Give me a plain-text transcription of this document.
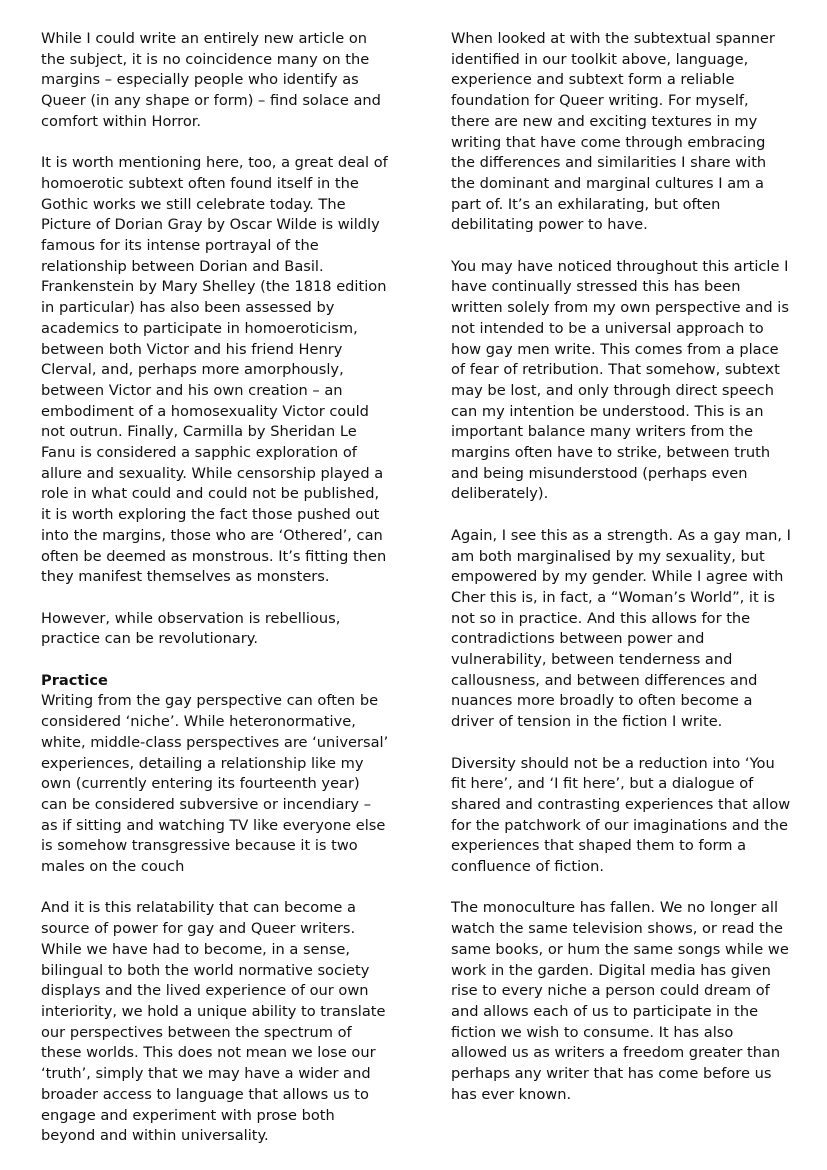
While I could write an entirely new article on the subject, it is no coincidence many on the margins – especially people who identify as Queer (in any shape or form) – find solace and comfort within Horror.

It is worth mentioning here, too, a great deal of homoerotic subtext often found itself in the Gothic works we still celebrate today. The Picture of Dorian Gray by Oscar Wilde is wildly famous for its intense portrayal of the relationship between Dorian and Basil. Frankenstein by Mary Shelley (the 1818 edition in particular) has also been assessed by academics to participate in homoeroticism, between both Victor and his friend Henry Clerval, and, perhaps more amorphously, between Victor and his own creation – an embodiment of a homosexuality Victor could not outrun. Finally, Carmilla by Sheridan Le Fanu is considered a sapphic exploration of allure and sexuality. While censorship played a role in what could and could not be published, it is worth exploring the fact those pushed out into the margins, those who are ‘Othered’, can often be deemed as monstrous. It’s fitting then they manifest themselves as monsters.

However, while observation is rebellious, practice can be revolutionary.

Practice

Writing from the gay perspective can often be considered ‘niche’. While heteronormative, white, middle-class perspectives are ‘universal’ experiences, detailing a relationship like my own (currently entering its fourteenth year) can be considered subversive or incendiary – as if sitting and watching TV like everyone else is somehow transgressive because it is two males on the couch

And it is this relatability that can become a source of power for gay and Queer writers. While we have had to become, in a sense, bilingual to both the world normative society displays and the lived experience of our own interiority, we hold a unique ability to translate our perspectives between the spectrum of these worlds. This does not mean we lose our ‘truth’, simply that we may have a wider and broader access to language that allows us to engage and experiment with prose both beyond and within universality.

When looked at with the subtextual spanner identified in our toolkit above, language, experience and subtext form a reliable foundation for Queer writing. For myself, there are new and exciting textures in my writing that have come through embracing the differences and similarities I share with the dominant and marginal cultures I am a part of. It’s an exhilarating, but often debilitating power to have.

You may have noticed throughout this article I have continually stressed this has been written solely from my own perspective and is not intended to be a universal approach to how gay men write. This comes from a place of fear of retribution. That somehow, subtext may be lost, and only through direct speech can my intention be understood. This is an important balance many writers from the margins often have to strike, between truth and being misunderstood (perhaps even deliberately).

Again, I see this as a strength. As a gay man, I am both marginalised by my sexuality, but empowered by my gender. While I agree with Cher this is, in fact, a “Woman’s World”, it is not so in practice. And this allows for the contradictions between power and vulnerability, between tenderness and callousness, and between differences and nuances more broadly to often become a driver of tension in the fiction I write.

Diversity should not be a reduction into ‘You fit here’, and ‘I fit here’, but a dialogue of shared and contrasting experiences that allow for the patchwork of our imaginations and the experiences that shaped them to form a confluence of fiction.

The monoculture has fallen. We no longer all watch the same television shows, or read the same books, or hum the same songs while we work in the garden. Digital media has given rise to every niche a person could dream of and allows each of us to participate in the fiction we wish to consume. It has also allowed us as writers a freedom greater than perhaps any writer that has come before us has ever known.
